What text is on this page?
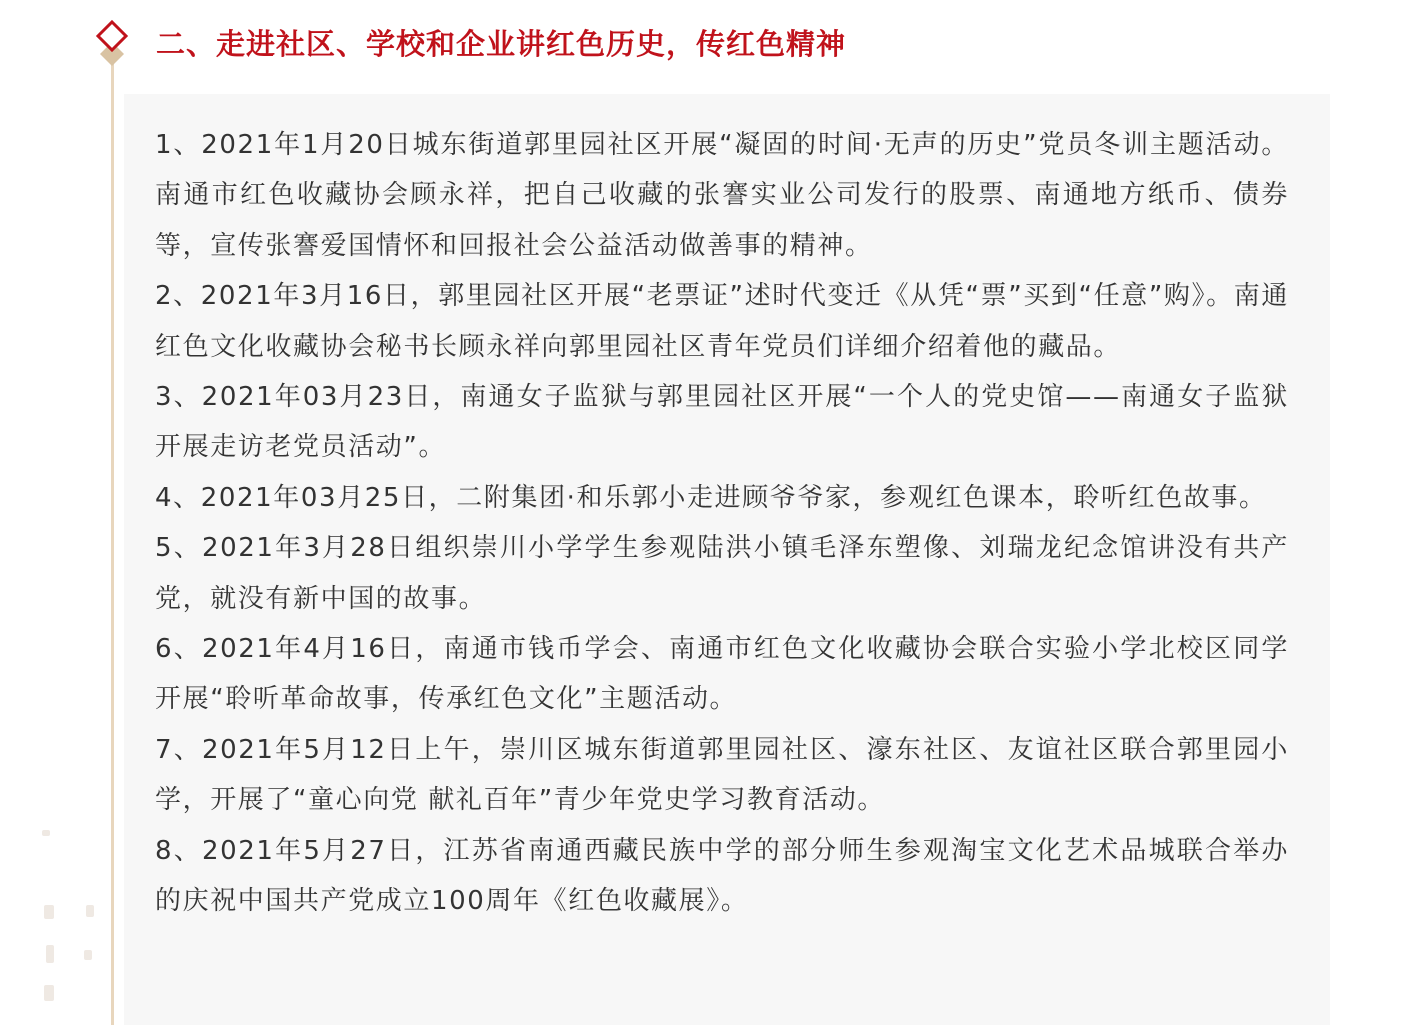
二、走进社区、学校和企业讲红色历史，传红色精神
1、2021年1月20日城东街道郭里园社区开展“凝固的时间·无声的历史”党员冬训主题活动。南通市红色收藏协会顾永祥，把自己收藏的张謇实业公司发行的股票、南通地方纸币、债券等，宣传张謇爱国情怀和回报社会公益活动做善事的精神。
2、2021年3月16日，郭里园社区开展“老票证”述时代变迁《从凭“票”买到“任意”购》。南通红色文化收藏协会秘书长顾永祥向郭里园社区青年党员们详细介绍着他的藏品。
3、2021年03月23日，南通女子监狱与郭里园社区开展“一个人的党史馆——南通女子监狱开展走访老党员活动”。
4、2021年03月25日，二附集团·和乐郭小走进顾爷爷家，参观红色课本，聆听红色故事。
5、2021年3月28日组织崇川小学学生参观陆洪小镇毛泽东塑像、刘瑞龙纪念馆讲没有共产党，就没有新中国的故事。
6、2021年4月16日，南通市钱币学会、南通市红色文化收藏协会联合实验小学北校区同学开展“聆听革命故事，传承红色文化”主题活动。
7、2021年5月12日上午，崇川区城东街道郭里园社区、濠东社区、友谊社区联合郭里园小学，开展了“童心向党 献礼百年”青少年党史学习教育活动。
8、2021年5月27日，江苏省南通西藏民族中学的部分师生参观淘宝文化艺术品城联合举办的庆祝中国共产党成立100周年《红色收藏展》。
